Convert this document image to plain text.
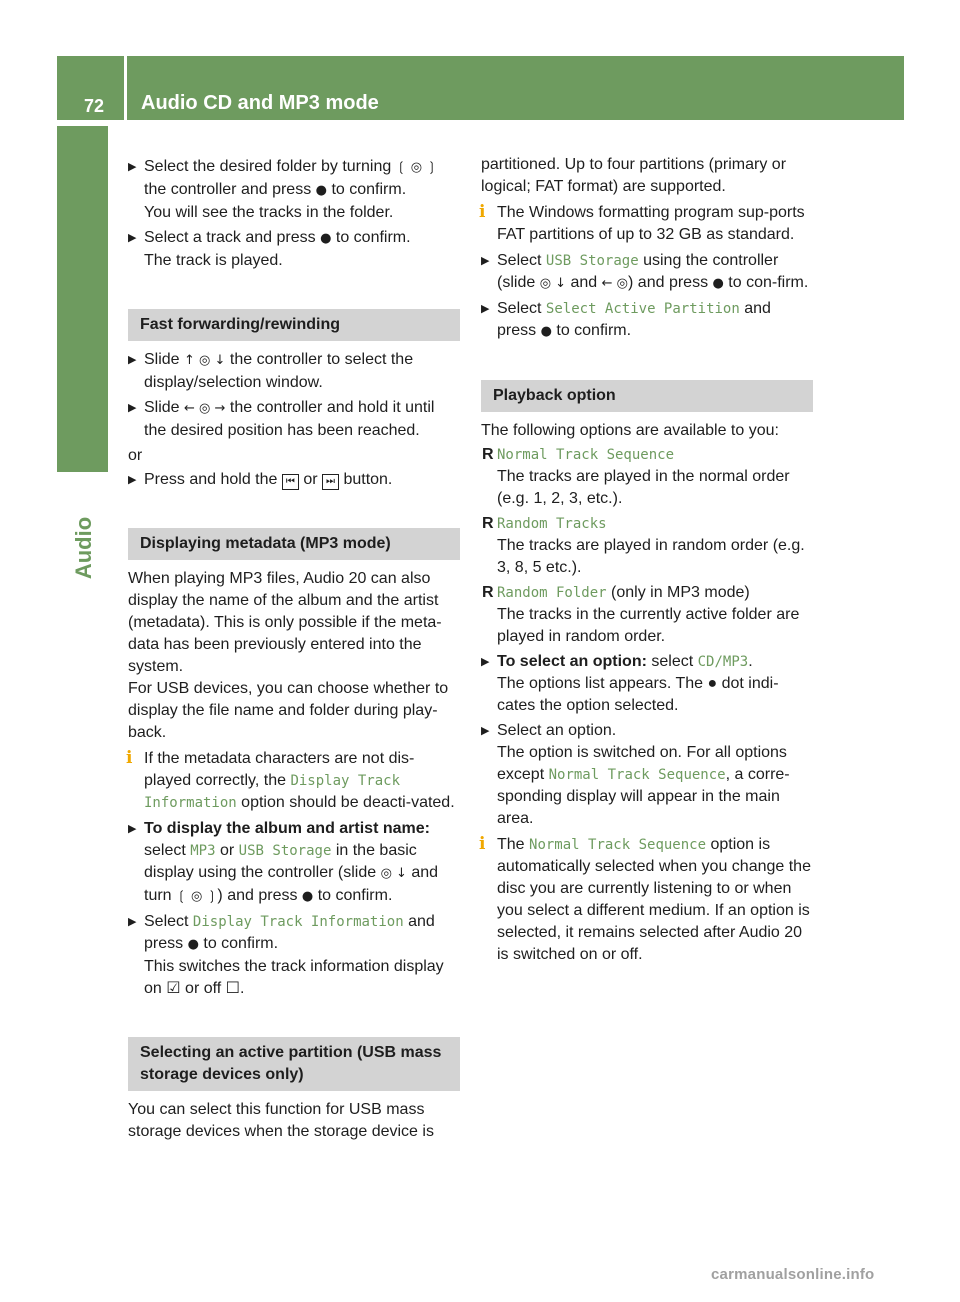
72 Audio CD and MP3 mode
Audio
▶ Select the desired folder by turning ❲ ◎ ❳ the controller and press ● to confirm.
You will see the tracks in the folder.
▶ Select a track and press ● to confirm.
The track is played.
Fast forwarding/rewinding
▶ Slide ↑ ◎ ↓ the controller to select the display/selection window.
▶ Slide ← ◎ → the controller and hold it until the desired position has been reached.

or

▶ Press and hold the ⏮ or ⏭ button.
Displaying metadata (MP3 mode)

When playing MP3 files, Audio 20 can also display the name of the album and the artist (metadata). This is only possible if the meta-data has been previously entered into the system.

For USB devices, you can choose whether to display the file name and folder during play-back.

i If the metadata characters are not dis-played correctly, the Display Track Information option should be deacti-vated.
▶ To display the album and artist name:
select MP3 or USB Storage in the basic display using the controller (slide ◎ ↓ and turn ❲ ◎ ❳) and press ● to confirm.
▶ Select Display Track Information and press ● to confirm.
This switches the track information display on ☑ or off ☐.
Selecting an active partition (USB mass storage devices only)

You can select this function for USB mass storage devices when the storage device is

partitioned. Up to four partitions (primary or logical; FAT format) are supported.

i The Windows formatting program sup-ports FAT partitions of up to 32 GB as standard.
▶ Select USB Storage using the controller (slide ◎ ↓ and ← ◎) and press ● to con-firm.
▶ Select Select Active Partition and press ● to confirm.
Playback option

The following options are available to you:

R Normal Track Sequence
The tracks are played in the normal order (e.g. 1, 2, 3, etc.).
R Random Tracks
The tracks are played in random order (e.g. 3, 8, 5 etc.).
R Random Folder (only in MP3 mode)
The tracks in the currently active folder are played in random order.
▶ To select an option: select CD/MP3.
The options list appears. The ● dot indi-cates the option selected.
▶ Select an option.
The option is switched on. For all options except Normal Track Sequence, a corre-sponding display will appear in the main area.
i The Normal Track Sequence option is automatically selected when you change the disc you are currently listening to or when you select a different medium. If an option is selected, it remains selected after Audio 20 is switched on or off.
carmanualsonline.info
